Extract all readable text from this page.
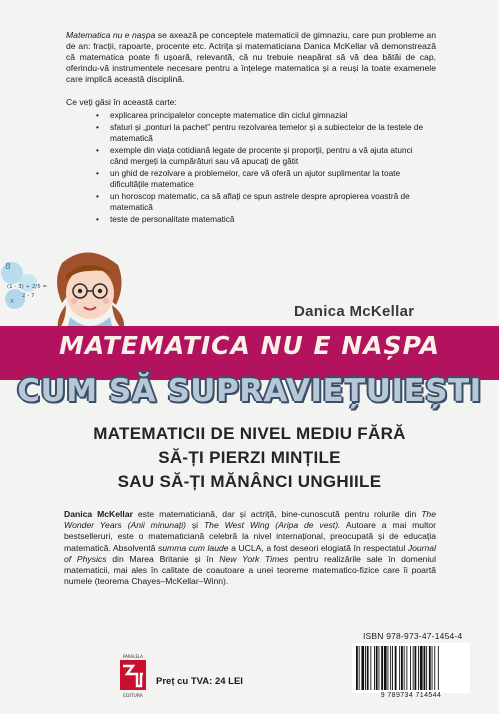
Matematica nu e nașpa se axează pe conceptele matematicii de gimnaziu, care pun probleme an de an: fracții, rapoarte, procente etc. Actrița și matematiciana Danica McKellar vă demonstrează că matematica poate fi ușoară, relevantă, că nu trebuie neapărat să vă dea bătăi de cap, oferindu-vă instrumentele necesare pentru a înțelege matematica și a reuși la toate examenele care implică această disciplină.
Ce veți găsi în această carte:
• explicarea principalelor concepte matematice din ciclul gimnazial
• sfaturi și „ponturi la pachet” pentru rezolvarea temelor și a subiectelor de la testele de matematică
• exemple din viața cotidiană legate de procente și proporții, pentru a vă ajuta atunci când mergeți la cumpărături sau vă apucați de gătit
• un ghid de rezolvare a problemelor, care vă oferă un ajutor suplimentar la toate dificultățile matematice
• un horoscop matematic, ca să aflați ce spun astrele despre apropierea voastră de matematică
• teste de personalitate matematică
8
x
(1 - 3) ÷ 2/5 =
2 - 7
Danica McKellar
MATEMATICA NU E NAȘPA
CUM SĂ SUPRAVIEȚUIEȘTI
MATEMATICII DE NIVEL MEDIU FĂRĂ
SĂ-ȚI PIERZI MINȚILE
SAU SĂ-ȚI MĂNÂNCI UNGHIILE
Danica McKellar este matematiciană, dar și actriță, bine-cunoscută pentru rolurile din The Wonder Years (Anii minunați) și The West Wing (Aripa de vest). Autoare a mai multor bestselleruri, este o matematiciană celebră la nivel internațional, preocupată și de educația matematică. Absolventă summa cum laude a UCLA, a fost deseori elogiată în respectatul Journal of Physics din Marea Britanie și în New York Times pentru realizările sale în domeniul matematicii, mai ales în calitate de coautoare a unei teoreme matematico-fizice care îi poartă numele (teorema Chayes–McKellar–Winn).
ISBN 978-973-47-1454-4
9 789734 714544
PARALELA
EDITURA
Preț cu TVA: 24 LEI
